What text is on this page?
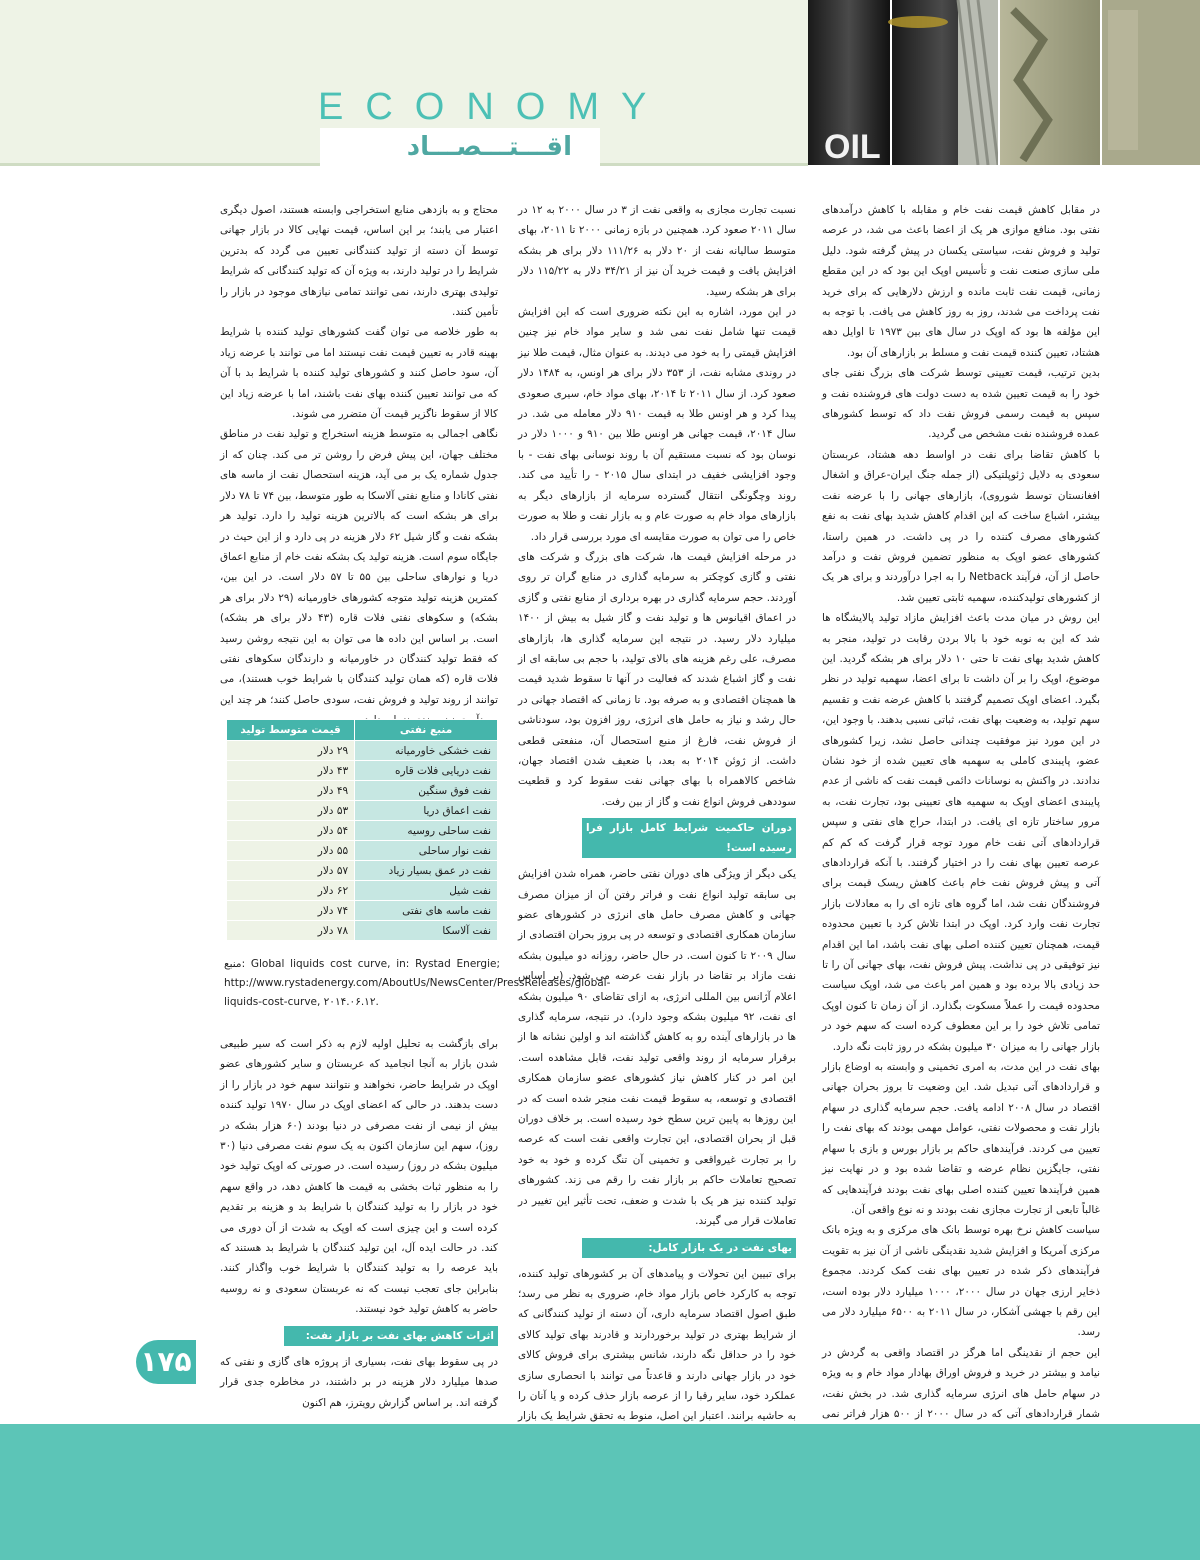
ECONOMY
اقـــتـــصـــاد	OIL

در مقابل کاهش قیمت نفت خام و مقابله با کاهش درآمدهای نفتی بود. منافع موازی هر یک از اعضا باعث می شد، در عرصه تولید و فروش نفت، سیاستی یکسان در پیش گرفته شود. دلیل ملی سازی صنعت نفت و تأسیس اوپک این بود که در این مقطع زمانی، قیمت نفت ثابت مانده و ارزش دلارهایی که برای خرید نفت پرداخت می شدند، روز به روز کاهش می یافت. با توجه به این مؤلفه ها بود که اوپک در سال های بین ۱۹۷۳ تا اوایل دهه هشتاد، تعیین کننده قیمت نفت و مسلط بر بازارهای آن بود.

بدین ترتیب، قیمت تعیینی توسط شرکت های بزرگ نفتی جای خود را به قیمت تعیین شده به دست دولت های فروشنده نفت و سپس به قیمت رسمی فروش نفت داد که توسط کشورهای عمده فروشنده نفت مشخص می گردید.

با کاهش تقاضا برای نفت در اواسط دهه هشتاد، عربستان سعودی به دلایل ژئوپلتیکی (از جمله جنگ ایران-عراق و اشغال افغانستان توسط شوروی)، بازارهای جهانی را با عرضه نفت بیشتر، اشباع ساخت که این اقدام کاهش شدید بهای نفت به نفع کشورهای مصرف کننده را در پی داشت. در همین راستا، کشورهای عضو اوپک به منظور تضمین فروش نفت و درآمد حاصل از آن، فرآیند Netback را به اجرا درآوردند و برای هر یک از کشورهای تولیدکننده، سهمیه ثابتی تعیین شد.

این روش در میان مدت باعث افزایش مازاد تولید پالایشگاه ها شد که این به نوبه خود با بالا بردن رقابت در تولید، منجر به کاهش شدید بهای نفت تا حتی ۱۰ دلار برای هر بشکه گردید. این موضوع، اوپک را بر آن داشت تا برای اعضا، سهمیه تولید در نظر بگیرد. اعضای اوپک تصمیم گرفتند با کاهش عرضه نفت و تقسیم سهم تولید، به وضعیت بهای نفت، ثباتی نسبی بدهند. با وجود این، در این مورد نیز موفقیت چندانی حاصل نشد، زیرا کشورهای عضو، پایبندی کاملی به سهمیه های تعیین شده از خود نشان ندادند. در واکنش به نوسانات دائمی قیمت نفت که ناشی از عدم پایبندی اعضای اوپک به سهمیه های تعیینی بود، تجارت نفت، به مرور ساختار تازه ای یافت. در ابتدا، حراج های نفتی و سپس قراردادهای آتی نفت خام مورد توجه قرار گرفت که کم کم عرصه تعیین بهای نفت را در اختیار گرفتند. با آنکه قراردادهای آتی و پیش فروش نفت خام باعث کاهش ریسک قیمت برای فروشندگان نفت شد، اما گروه های تازه ای را به معادلات بازار تجارت نفت وارد کرد. اوپک در ابتدا تلاش کرد با تعیین محدوده قیمت، همچنان تعیین کننده اصلی بهای نفت باشد، اما این اقدام نیز توفیقی در پی نداشت. پیش فروش نفت، بهای جهانی آن را تا حد زیادی بالا برده بود و همین امر باعث می شد، اوپک سیاست محدوده قیمت را عملاً مسکوت بگذارد. از آن زمان تا کنون اوپک تمامی تلاش خود را بر این معطوف کرده است که سهم خود در بازار جهانی را به میزان ۳۰ میلیون بشکه در روز ثابت نگه دارد.

بهای نفت در این مدت، به امری تخمینی و وابسته به اوضاع بازار و قراردادهای آتی تبدیل شد. این وضعیت تا بروز بحران جهانی اقتصاد در سال ۲۰۰۸ ادامه یافت. حجم سرمایه گذاری در سهام بازار نفت و محصولات نفتی، عوامل مهمی بودند که بهای نفت را تعیین می کردند. فرآیندهای حاکم بر بازار بورس و بازی با سهام نفتی، جایگزین نظام عرضه و تقاضا شده بود و در نهایت نیز همین فرآیندها تعیین کننده اصلی بهای نفت بودند فرآیندهایی که غالباً تابعی از تجارت مجازی نفت بودند و نه نوع واقعی آن.

سیاست کاهش نرخ بهره توسط بانک های مرکزی و به ویژه بانک مرکزی آمریکا و افزایش شدید نقدینگی ناشی از آن نیز به تقویت فرآیندهای ذکر شده در تعیین بهای نفت کمک کردند. مجموع ذخایر ارزی جهان در سال ۲۰۰۰، ۱۰۰۰ میلیارد دلار بوده است، این رقم با جهشی آشکار، در سال ۲۰۱۱ به ۶۵۰۰ میلیارد دلار می رسد.

این حجم از نقدینگی اما هرگز در اقتصاد واقعی به گردش در نیامد و بیشتر در خرید و فروش اوراق بهادار مواد خام و به ویژه در سهام حامل های انرژی سرمایه گذاری شد. در بخش نفت، شمار قراردادهای آتی که در سال ۲۰۰۰ از ۵۰۰ هزار فراتر نمی

نسبت تجارت مجازی به واقعی نفت از ۳ در سال ۲۰۰۰ به ۱۲ در سال ۲۰۱۱ صعود کرد. همچنین در بازه زمانی ۲۰۰۰ تا ۲۰۱۱، بهای متوسط سالیانه نفت از ۲۰ دلار به ۱۱۱/۲۶ دلار برای هر بشکه افزایش یافت و قیمت خرید آن نیز از ۳۴/۲۱ دلار به ۱۱۵/۲۲ دلار برای هر بشکه رسید.

در این مورد، اشاره به این نکته ضروری است که این افزایش قیمت تنها شامل نفت نمی شد و سایر مواد خام نیز چنین افزایش قیمتی را به خود می دیدند. به عنوان مثال، قیمت طلا نیز در روندی مشابه نفت، از ۳۵۳ دلار برای هر اونس، به ۱۴۸۴ دلار صعود کرد. از سال ۲۰۱۱ تا ۲۰۱۴، بهای مواد خام، سیری صعودی پیدا کرد و هر اونس طلا به قیمت ۹۱۰ دلار معامله می شد. در سال ۲۰۱۴، قیمت جهانی هر اونس طلا بین ۹۱۰ و ۱۰۰۰ دلار در نوسان بود که نسبت مستقیم آن با روند نوسانی بهای نفت - با وجود افزایشی خفیف در ابتدای سال ۲۰۱۵ - را تأیید می کند. روند وچگونگی انتقال گسترده سرمایه از بازارهای دیگر به بازارهای مواد خام به صورت عام و به بازار نفت و طلا به صورت خاص را می توان به صورت مقایسه ای مورد بررسی قرار داد.

در مرحله افزایش قیمت ها، شرکت های بزرگ و شرکت های نفتی و گازی کوچکتر به سرمایه گذاری در منابع گران تر روی آوردند. حجم سرمایه گذاری در بهره برداری از منابع نفتی و گازی در اعماق اقیانوس ها و تولید نفت و گاز شیل به بیش از ۱۴۰۰ میلیارد دلار رسید. در نتیجه این سرمایه گذاری ها، بازارهای مصرف، علی رغم هزینه های بالای تولید، با حجم بی سابقه ای از نفت و گاز اشباع شدند که فعالیت در آنها تا سقوط شدید قیمت ها همچنان اقتصادی و به صرفه بود. تا زمانی که اقتصاد جهانی در حال رشد و نیاز به حامل های انرژی، روز افزون بود، سودناشی از فروش نفت، فارغ از منبع استحصال آن، منفعتی قطعی داشت. از ژوئن ۲۰۱۴ به بعد، با ضعیف شدن اقتصاد جهان، شاخص کالاهمراه با بهای جهانی نفت سقوط کرد و قطعیت سوددهی فروش انواع نفت و گاز از بین رفت.

دوران حاکمیت شرایط کامل بازار فرا رسیده است!

یکی دیگر از ویژگی های دوران نفتی حاضر، همراه شدن افزایش بی سابقه تولید انواع نفت و فراتر رفتن آن از میزان مصرف جهانی و کاهش مصرف حامل های انرژی در کشورهای عضو سازمان همکاری اقتصادی و توسعه در پی بروز بحران اقتصادی از سال ۲۰۰۹ تا کنون است. در حال حاضر، روزانه دو میلیون بشکه نفت مازاد بر تقاضا در بازار نفت عرضه می شود. (بر اساس اعلام آژانس بین المللی انرژی، به ازای تقاضای ۹۰ میلیون بشکه ای نفت، ۹۲ میلیون بشکه وجود دارد). در نتیجه، سرمایه گذاری ها در بازارهای آینده رو به کاهش گذاشته اند و اولین نشانه ها از برقرار سرمایه از روند واقعی تولید نفت، قابل مشاهده است. این امر در کنار کاهش نیاز کشورهای عضو سازمان همکاری اقتصادی و توسعه، به سقوط قیمت نفت منجر شده است که در این روزها به پایین ترین سطح خود رسیده است. بر خلاف دوران قبل از بحران اقتصادی، این تجارت واقعی نفت است که عرصه را بر تجارت غیرواقعی و تخمینی آن تنگ کرده و خود به خود تصحیح تعاملات حاکم بر بازار نفت را رقم می زند. کشورهای تولید کننده نیز هر یک با شدت و ضعف، تحت تأثیر این تغییر در تعاملات قرار می گیرند.

بهای نفت در یک بازار کامل:

برای تبیین این تحولات و پیامدهای آن بر کشورهای تولید کننده، توجه به کارکرد خاص بازار مواد خام، ضروری به نظر می رسد؛ طبق اصول اقتصاد سرمایه داری، آن دسته از تولید کنندگانی که از شرایط بهتری در تولید برخوردارند و قادرند بهای تولید کالای خود را در حداقل نگه دارند، شانس بیشتری برای فروش کالای خود در بازار جهانی دارند و قاعدتاً می توانند با انحصاری سازی عملکرد خود، سایر رقبا را از عرصه بازار حذف کرده و یا آنان را به حاشیه برانند. اعتبار این اصل، منوط به تحقق شرایط یک بازار

محتاج و به بازدهی منابع استخراجی وابسته هستند، اصول دیگری اعتبار می یابند؛ بر این اساس، قیمت نهایی کالا در بازار جهانی توسط آن دسته از تولید کنندگانی تعیین می گردد که بدترین شرایط را در تولید دارند، به ویژه آن که تولید کنندگانی که شرایط تولیدی بهتری دارند، نمی توانند تمامی نیازهای موجود در بازار را تأمین کنند.

به طور خلاصه می توان گفت کشورهای تولید کننده با شرایط بهینه قادر به تعیین قیمت نفت نیستند اما می توانند با عرضه زیاد آن، سود حاصل کنند و کشورهای تولید کننده با شرایط بد با آن که می توانند تعیین کننده بهای نفت باشند، اما با عرضه زیاد این کالا از سقوط ناگزیر قیمت آن متضرر می شوند.

نگاهی اجمالی به متوسط هزینه استخراج و تولید نفت در مناطق مختلف جهان، این پیش فرض را روشن تر می کند. چنان که از جدول شماره یک بر می آید، هزینه استحصال نفت از ماسه های نفتی کانادا و منابع نفتی آلاسکا به طور متوسط، بین ۷۴ تا ۷۸ دلار برای هر بشکه است که بالاترین هزینه تولید را دارد. تولید هر بشکه نفت و گاز شیل ۶۲ دلار هزینه در پی دارد و از این حیث در جایگاه سوم است. هزینه تولید یک بشکه نفت خام از منابع اعماق دریا و نوارهای ساحلی بین ۵۵ تا ۵۷ دلار است. در این بین، کمترین هزینه تولید متوجه کشورهای خاورمیانه (۲۹ دلار برای هر بشکه) و سکوهای نفتی فلات قاره (۴۳ دلار برای هر بشکه) است. بر اساس این داده ها می توان به این نتیجه روشن رسید که فقط تولید کنندگان در خاورمیانه و دارندگان سکوهای نفتی فلات قاره (که همان تولید کنندگان با شرایط خوب هستند)، می توانند از روند تولید و فروش نفت، سودی حاصل کنند؛ هر چند این

منبع نفتی	قیمت متوسط تولید
نفت خشکی خاورمیانه	۲۹ دلار
نفت دریایی فلات قاره	۴۳ دلار
نفت فوق سنگین	۴۹ دلار
نفت اعماق دریا	۵۳ دلار
نفت ساحلی روسیه	۵۴ دلار
نفت نوار ساحلی	۵۵ دلار
نفت در عمق بسیار زیاد	۵۷ دلار
نفت شیل	۶۲ دلار
نفت ماسه های نفتی	۷۴ دلار
نفت آلاسکا	۷۸ دلار
منبع: Global liquids cost curve, in: Rystad Energie; http://www.rystadenergy.com/AboutUs/NewsCenter/PressReleases/global-liquids-cost-curve, ۲۰۱۴.۰۶.۱۲.

برای بازگشت به تحلیل اولیه لازم به ذکر است که سیر طبیعی شدن بازار به آنجا انجامید که عربستان و سایر کشورهای عضو اوپک در شرایط حاضر، نخواهند و نتوانند سهم خود در بازار را از دست بدهند. در حالی که اعضای اوپک در سال ۱۹۷۰ تولید کننده بیش از نیمی از نفت مصرفی در دنیا بودند (۶۰ هزار بشکه در روز)، سهم این سازمان اکنون به یک سوم نفت مصرفی دنیا (۳۰ میلیون بشکه در روز) رسیده است. در صورتی که اوپک تولید خود را به منظور ثبات بخشی به قیمت ها کاهش دهد، در واقع سهم خود در بازار را به تولید کنندگان با شرایط بد و هزینه بر تقدیم کرده است و این چیزی است که اوپک به شدت از آن دوری می کند. در حالت ایده آل، این تولید کنندگان با شرایط بد هستند که باید عرصه را به تولید کنندگان با شرایط خوب واگذار کنند. بنابراین جای تعجب نیست که نه عربستان سعودی و نه روسیه حاضر به کاهش تولید خود نیستند.

اثرات کاهش بهای نفت بر بازار نفت:

در پی سقوط بهای نفت، بسیاری از پروژه های گازی و نفتی که صدها میلیارد دلار هزینه در بر داشتند، در مخاطره جدی قرار گرفته اند. بر اساس گزارش رویترز، هم اکنون

۱۷۵
